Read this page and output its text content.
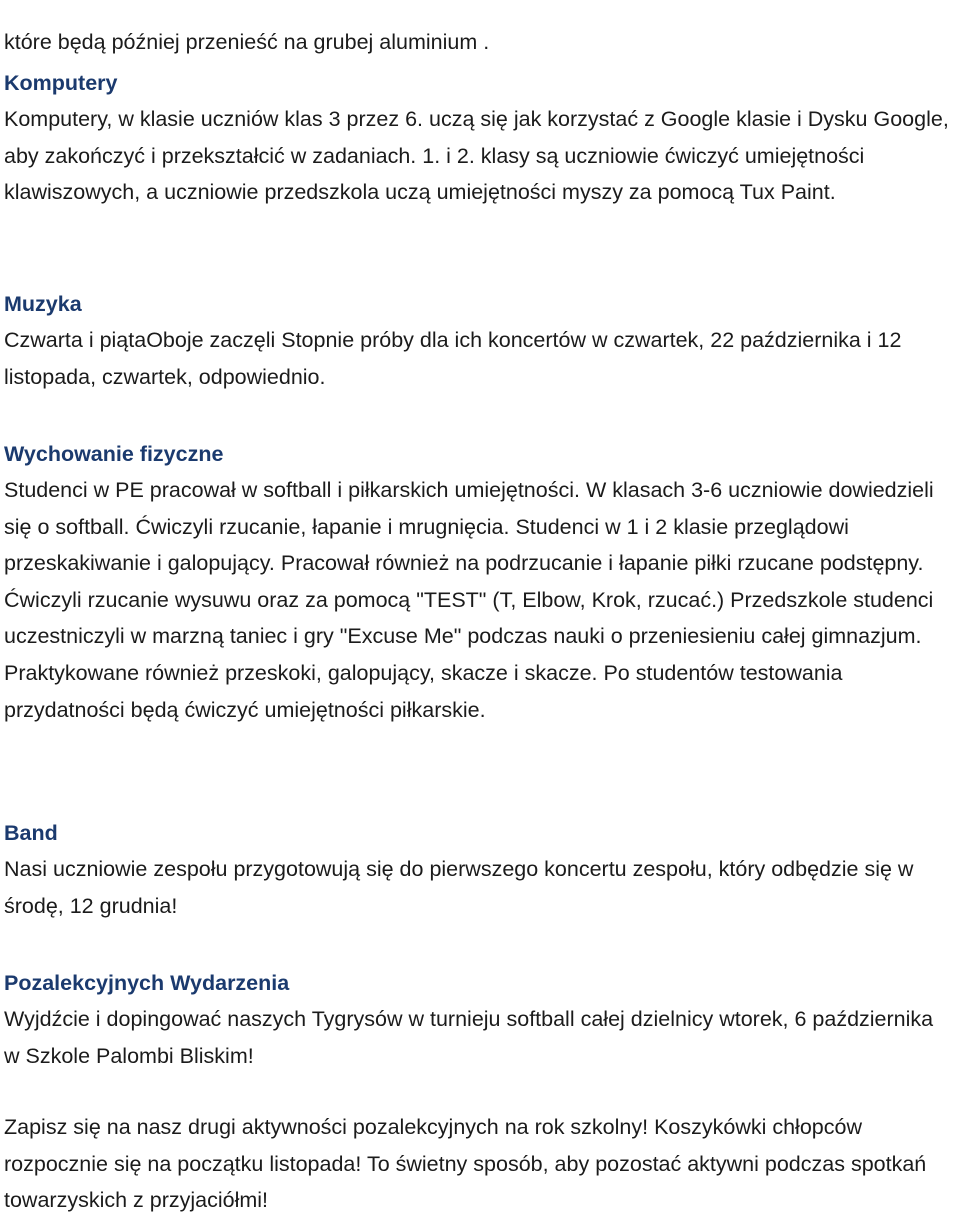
które będą później przenieść na grubej aluminium .

Komputery

Komputery, w klasie uczniów klas 3 przez 6. uczą się jak korzystać z Google klasie i Dysku Google, aby zakończyć i przekształcić w zadaniach. 1. i 2. klasy są uczniowie ćwiczyć umiejętności klawiszowych, a uczniowie przedszkola uczą umiejętności myszy za pomocą Tux Paint.

Muzyka

Czwarta i piątaOboje zaczęli Stopnie próby dla ich koncertów w czwartek, 22 października i 12 listopada, czwartek, odpowiednio.

Wychowanie fizyczne

Studenci w PE pracował w softball i piłkarskich umiejętności. W klasach 3-6 uczniowie dowiedzieli się o softball. Ćwiczyli rzucanie, łapanie i mrugnięcia. Studenci w 1 i 2 klasie przeglądowi przeskakiwanie i galopujący. Pracował również na podrzucanie i łapanie piłki rzucane podstępny. Ćwiczyli rzucanie wysuwu oraz za pomocą "TEST" (T, Elbow, Krok, rzucać.) Przedszkole studenci uczestniczyli w marzną taniec i gry "Excuse Me" podczas nauki o przeniesieniu całej gimnazjum. Praktykowane również przeskoki, galopujący, skacze i skacze. Po studentów testowania przydatności będą ćwiczyć umiejętności piłkarskie.

Band

Nasi uczniowie zespołu przygotowują się do pierwszego koncertu zespołu, który odbędzie się w środę, 12 grudnia!

Pozalekcyjnych Wydarzenia

Wyjdźcie i dopingować naszych Tygrysów w turnieju softball całej dzielnicy wtorek, 6 października w Szkole Palombi Bliskim!

Zapisz się na nasz drugi aktywności pozalekcyjnych na rok szkolny! Koszykówki chłopców rozpocznie się na początku listopada! To świetny sposób, aby pozostać aktywni podczas spotkań towarzyskich z przyjaciółmi!
